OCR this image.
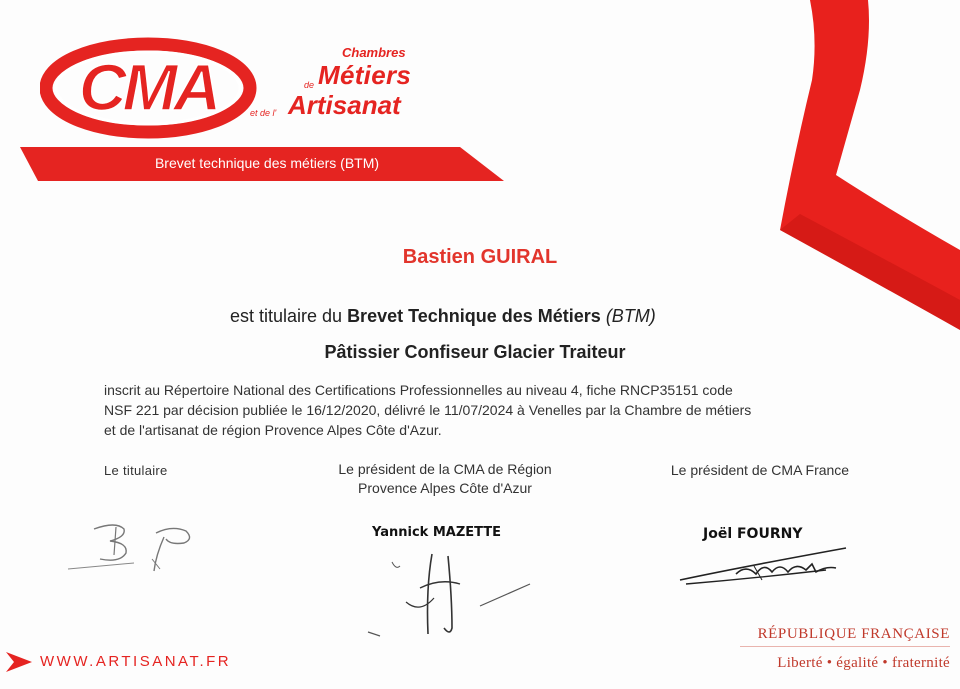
CMA	Chambres
de Métiers
et de l' Artisanat
Brevet technique des métiers (BTM)
Bastien GUIRAL
est titulaire du Brevet Technique des Métiers (BTM)
Pâtissier Confiseur Glacier Traiteur
inscrit au Répertoire National des Certifications Professionnelles au niveau 4, fiche RNCP35151 code
NSF 221 par décision publiée le 16/12/2020, délivré le 11/07/2024 à Venelles par la Chambre de métiers
et de l'artisanat de région Provence Alpes Côte d'Azur.
Le titulaire	Le président de la CMA de Région
Provence Alpes Côte d'Azur
Le président de CMA France
Yannick MAZETTE	Joël FOURNY
WWW.ARTISANAT.FR
RÉPUBLIQUE FRANÇAISE
Liberté • égalité • fraternité
